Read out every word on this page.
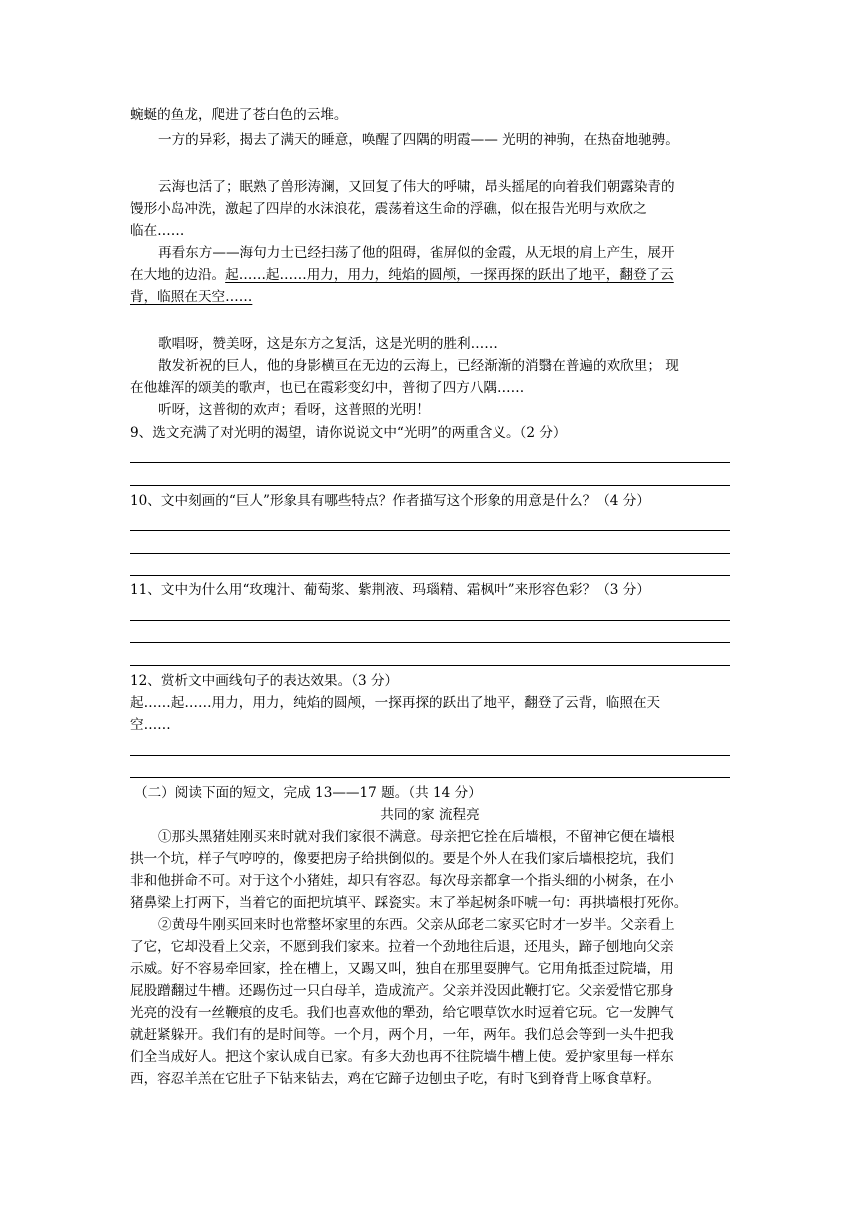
蜿蜒的鱼龙，爬进了苍白色的云堆。
一方的异彩，揭去了满天的睡意，唤醒了四隅的明霞—— 光明的神驹，在热奋地驰骋。
云海也活了；眠熟了兽形涛澜，又回复了伟大的呼啸，昂头摇尾的向着我们朝露染青的
馒形小岛冲洗，激起了四岸的水沫浪花，震荡着这生命的浮礁，似在报告光明与欢欣之
临在……
再看东方——海句力士已经扫荡了他的阻碍，雀屏似的金霞，从无垠的肩上产生，展开
在大地的边沿。起……起……用力，用力，纯焰的圆颅，一探再探的跃出了地平，翻登了云
背，临照在天空……
歌唱呀，赞美呀，这是东方之复活，这是光明的胜利……
散发祈祝的巨人，他的身影横亘在无边的云海上，已经渐渐的消翳在普遍的欢欣里； 现
在他雄浑的颂美的歌声，也已在霞彩变幻中，普彻了四方八隅……
听呀，这普彻的欢声；看呀，这普照的光明！
9、选文充满了对光明的渴望，请你说说文中“光明”的两重含义。（2 分）
10、文中刻画的“巨人”形象具有哪些特点？作者描写这个形象的用意是什么？（4 分）
11、文中为什么用“玫瑰汁、葡萄浆、紫荆液、玛瑙精、霜枫叶”来形容色彩？（3 分）
12、赏析文中画线句子的表达效果。（3 分）
起……起……用力，用力，纯焰的圆颅，一探再探的跃出了地平，翻登了云背，临照在天
空……
（二）阅读下面的短文，完成 13——17 题。（共 14 分）
共同的家 流程亮
①那头黑猪娃刚买来时就对我们家很不满意。母亲把它拴在后墙根，不留神它便在墙根
拱一个坑，样子气哼哼的，像要把房子给拱倒似的。要是个外人在我们家后墙根挖坑，我们
非和他拼命不可。对于这个小猪娃，却只有容忍。每次母亲都拿一个指头细的小树条，在小
猪鼻梁上打两下，当着它的面把坑填平、踩瓷实。末了举起树条吓唬一句：再拱墙根打死你。
②黄母牛刚买回来时也常整坏家里的东西。父亲从邱老二家买它时才一岁半。父亲看上
了它，它却没看上父亲，不愿到我们家来。拉着一个劲地往后退，还甩头，蹄子刨地向父亲
示威。好不容易牵回家，拴在槽上，又踢又叫，独自在那里耍脾气。它用角抵歪过院墙，用
屁股蹭翻过牛槽。还踢伤过一只白母羊，造成流产。父亲并没因此鞭打它。父亲爱惜它那身
光亮的没有一丝鞭痕的皮毛。我们也喜欢他的犟劲，给它喂草饮水时逗着它玩。它一发脾气
就赶紧躲开。我们有的是时间等。一个月，两个月，一年，两年。我们总会等到一头牛把我
们全当成好人。把这个家认成自已家。有多大劲也再不往院墙牛槽上使。爱护家里每一样东
西，容忍羊羔在它肚子下钻来钻去，鸡在它蹄子边刨虫子吃，有时飞到脊背上啄食草籽。
